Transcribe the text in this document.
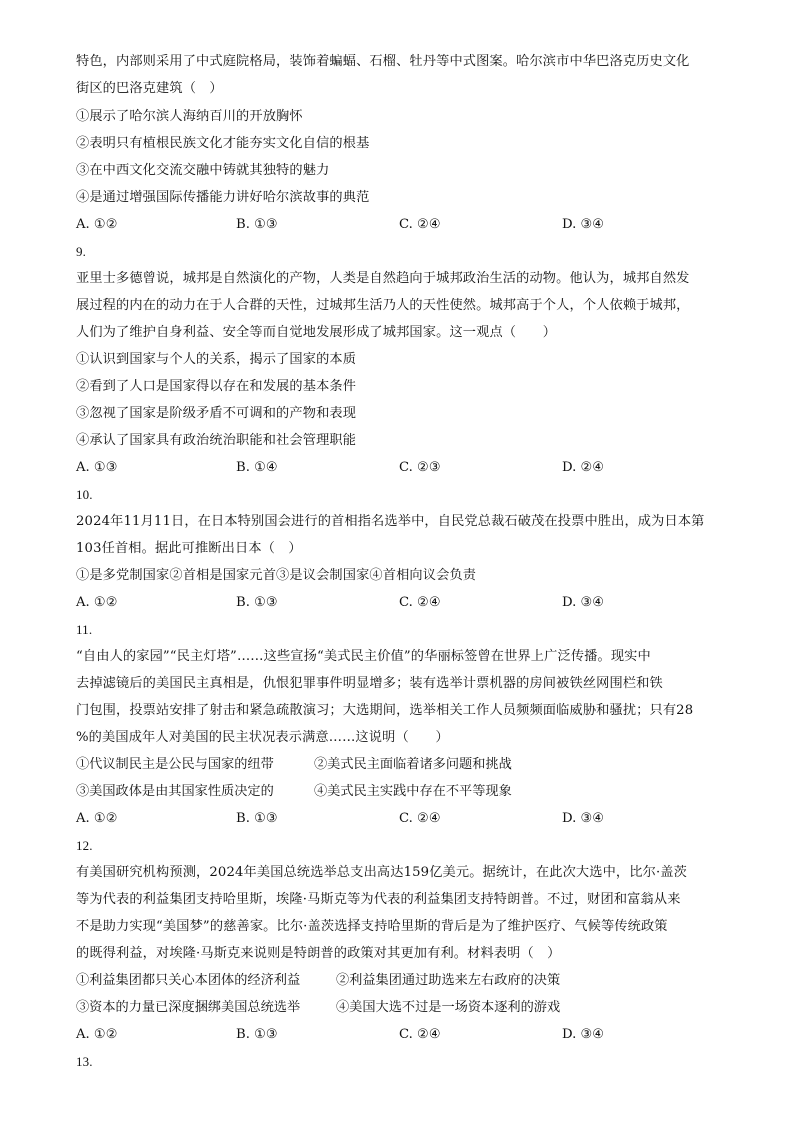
特色，内部则采用了中式庭院格局，装饰着蝙蝠、石榴、牡丹等中式图案。哈尔滨市中华巴洛克历史文化
街区的巴洛克建筑（　）
①展示了哈尔滨人海纳百川的开放胸怀
②表明只有植根民族文化才能夯实文化自信的根基
③在中西文化交流交融中铸就其独特的魅力
④是通过增强国际传播能力讲好哈尔滨故事的典范
A. ①②	B. ①③	C. ②④	D. ③④
9.
亚里士多德曾说，城邦是自然演化的产物，人类是自然趋向于城邦政治生活的动物。他认为，城邦自然发
展过程的内在的动力在于人合群的天性，过城邦生活乃人的天性使然。城邦高于个人，个人依赖于城邦，
人们为了维护自身利益、安全等而自觉地发展形成了城邦国家。这一观点（　　）
①认识到国家与个人的关系，揭示了国家的本质
②看到了人口是国家得以存在和发展的基本条件
③忽视了国家是阶级矛盾不可调和的产物和表现
④承认了国家具有政治统治职能和社会管理职能
A. ①③	B. ①④	C. ②③	D. ②④
10.
2024年11月11日，在日本特别国会进行的首相指名选举中，自民党总裁石破茂在投票中胜出，成为日本第
103任首相。据此可推断出日本（　）
①是多党制国家②首相是国家元首③是议会制国家④首相向议会负责
A. ①②	B. ①③	C. ②④	D. ③④
11.
“自由人的家园”“民主灯塔”……这些宣扬“美式民主价值”的华丽标签曾在世界上广泛传播。现实中
去掉滤镜后的美国民主真相是，仇恨犯罪事件明显增多；装有选举计票机器的房间被铁丝网围栏和铁
门包围，投票站安排了射击和紧急疏散演习；大选期间，选举相关工作人员频频面临威胁和骚扰；只有28
%的美国成年人对美国的民主状况表示满意……这说明（　　）
①代议制民主是公民与国家的纽带	②美式民主面临着诸多问题和挑战
③美国政体是由其国家性质决定的	④美式民主实践中存在不平等现象
A. ①②	B. ①③	C. ②④	D. ③④
12.
有美国研究机构预测，2024年美国总统选举总支出高达159亿美元。据统计，在此次大选中，比尔·盖茨
等为代表的利益集团支持哈里斯，埃隆·马斯克等为代表的利益集团支持特朗普。不过，财团和富翁从来
不是助力实现“美国梦”的慈善家。比尔·盖茨选择支持哈里斯的背后是为了维护医疗、气候等传统政策
的既得利益，对埃隆·马斯克来说则是特朗普的政策对其更加有利。材料表明（　）
①利益集团都只关心本团体的经济利益	②利益集团通过助选来左右政府的决策
③资本的力量已深度捆绑美国总统选举	④美国大选不过是一场资本逐利的游戏
A. ①②	B. ①③	C. ②④	D. ③④
13.
